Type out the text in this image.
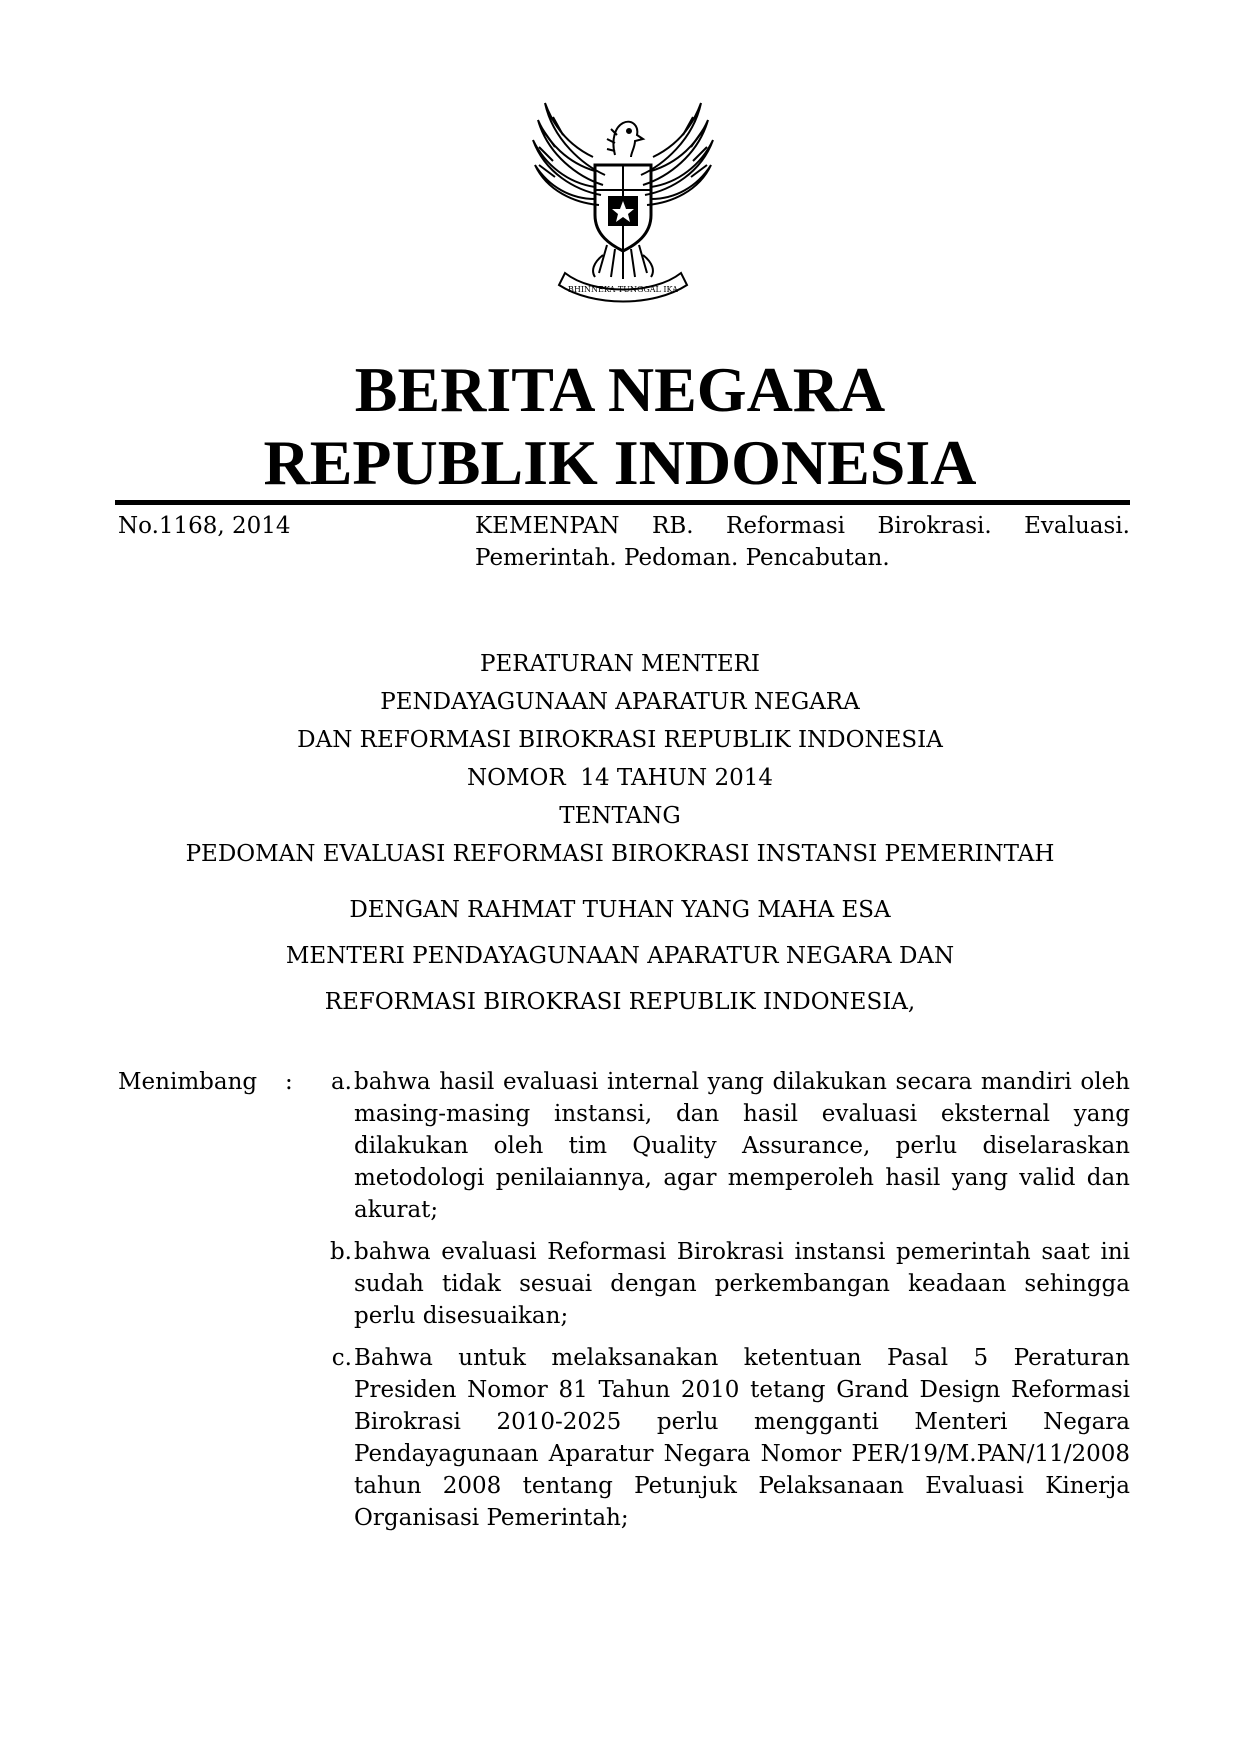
BHINNEKA TUNGGAL IKA
BERITA NEGARA
REPUBLIK INDONESIA
No.1168, 2014	KEMENPAN RB. Reformasi Birokrasi. Evaluasi.
Pemerintah. Pedoman. Pencabutan.
PERATURAN MENTERI
PENDAYAGUNAAN APARATUR NEGARA
DAN REFORMASI BIROKRASI REPUBLIK INDONESIA
NOMOR  14 TAHUN 2014
TENTANG
PEDOMAN EVALUASI REFORMASI BIROKRASI INSTANSI PEMERINTAH
DENGAN RAHMAT TUHAN YANG MAHA ESA
MENTERI PENDAYAGUNAAN APARATUR NEGARA DAN
REFORMASI BIROKRASI REPUBLIK INDONESIA,
Menimbang :	a. bahwa hasil evaluasi internal yang dilakukan secara mandiri oleh masing-masing instansi, dan hasil evaluasi eksternal yang dilakukan oleh tim Quality Assurance, perlu diselaraskan metodologi penilaiannya, agar memperoleh hasil yang valid dan akurat;
b. bahwa evaluasi Reformasi Birokrasi instansi pemerintah saat ini sudah tidak sesuai dengan perkembangan keadaan sehingga perlu disesuaikan;
c. Bahwa untuk melaksanakan ketentuan Pasal 5 Peraturan Presiden Nomor 81 Tahun 2010 tetang Grand Design Reformasi Birokrasi 2010-2025 perlu mengganti Menteri Negara Pendayagunaan Aparatur Negara Nomor PER/19/M.PAN/11/2008   tahun 2008 tentang Petunjuk Pelaksanaan Evaluasi Kinerja Organisasi Pemerintah;
